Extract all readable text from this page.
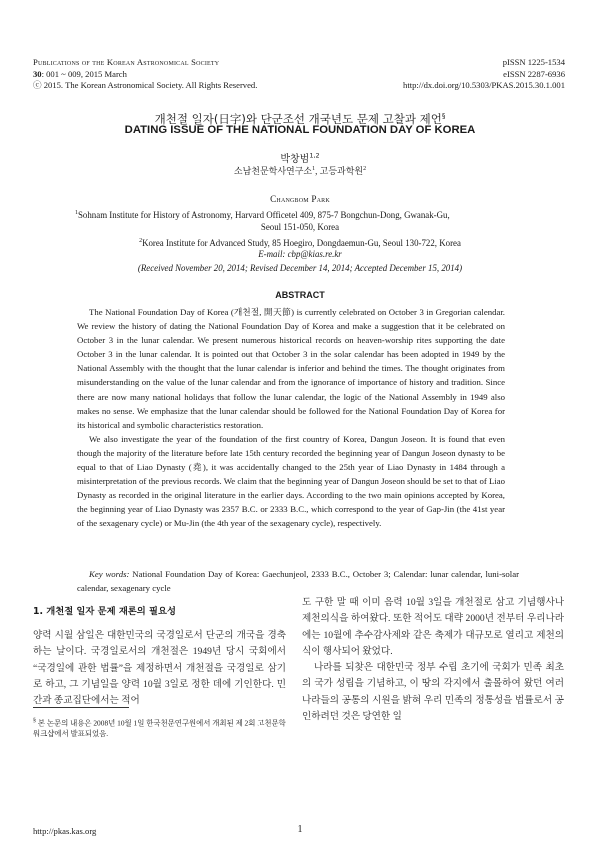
Publications of the Korean Astronomical Society	pISSN 1225-1534
30: 001 ~ 009, 2015 March	eISSN 2287-6936
ⓒ 2015. The Korean Astronomical Society. All Rights Reserved.	http://dx.doi.org/10.5303/PKAS.2015.30.1.001
개천절 일자(日字)와 단군조선 개국년도 문제 고찰과 제언§
DATING ISSUE OF THE NATIONAL FOUNDATION DAY OF KOREA
박창범$^{1,2}$
소남천문학사연구소$^1$, 고등과학원$^2$
Changbom Park
$^1$Sohnam Institute for History of Astronomy, Harvard Officetel 409, 875-7 Bongchun-Dong, Gwanak-Gu,
Seoul 151-050, Korea
$^2$Korea Institute for Advanced Study, 85 Hoegiro, Dongdaemun-Gu, Seoul 130-722, Korea
E-mail: cbp@kias.re.kr
(Received November 20, 2014; Revised December 14, 2014; Accepted December 15, 2014)
ABSTRACT

The National Foundation Day of Korea (개천절, 開天節) is currently celebrated on October 3 in Gregorian calendar. We review the history of dating the National Foundation Day of Korea and make a suggestion that it be celebrated on October 3 in the lunar calendar. We present numerous historical records on heaven-worship rites supporting the date October 3 in the lunar calendar. It is pointed out that October 3 in the solar calendar has been adopted in 1949 by the National Assembly with the thought that the lunar calendar is inferior and behind the times. The thought originates from misunderstanding on the value of the lunar calendar and from the ignorance of importance of history and tradition. Since there are now many national holidays that follow the lunar calendar, the logic of the National Assembly in 1949 also makes no sense. We emphasize that the lunar calendar should be followed for the National Foundation Day of Korea for its historical and symbolic characteristics restoration.

We also investigate the year of the foundation of the first country of Korea, Dangun Joseon. It is found that even though the majority of the literature before late 15th century recorded the beginning year of Dangun Joseon dynasty to be equal to that of Liao Dynasty (堯), it was accidentally changed to the 25th year of Liao Dynasty in 1484 through a misinterpretation of the previous records. We claim that the beginning year of Dangun Joseon should be set to that of Liao Dynasty as recorded in the original literature in the earlier days. According to the two main opinions accepted by Korea, the beginning year of Liao Dynasty was 2357 B.C. or 2333 B.C., which correspond to the year of Gap-Jin (the 41st year of the sexagenary cycle) or Mu-Jin (the 4th year of the sexagenary cycle), respectively.

Key words: National Foundation Day of Korea: Gaechunjeol, 2333 B.C., October 3; Calendar: lunar calendar, luni-solar calendar, sexagenary cycle
1. 개천절 일자 문제 재론의 필요성

양력 시월 삼일은 대한민국의 국경일로서 단군의 개국을 경축하는 날이다. 국경일로서의 개천절은 1949년 당시 국회에서 “국경일에 관한 법률”을 제정하면서 개천절을 국경일로 삼기로 하고, 그 기념일을 양력 10월 3일로 정한 데에 기인한다. 민간과 종교집단에서는 적어

도 구한 말 때 이미 음력 10월 3일을 개천절로 삼고 기념행사나 제천의식을 하여왔다. 또한 적어도 대략 2000년 전부터 우리나라에는 10월에 추수감사제와 같은 축제가 대규모로 열리고 제천의식이 행사되어 왔었다.

나라를 되찾은 대한민국 정부 수립 초기에 국회가 민족 최초의 국가 성립을 기념하고, 이 땅의 각지에서 출몰하여 왔던 여러 나라들의 공통의 시원을 밝혀 우리 민족의 정통성을 법률로서 공인하려던 것은 당연한 일

§ 본 논문의 내용은 2008년 10월 1일 한국천문연구원에서 개최된 제 2회 고천문학 워크샵에서 발표되었음.
http://pkas.kas.org	1
